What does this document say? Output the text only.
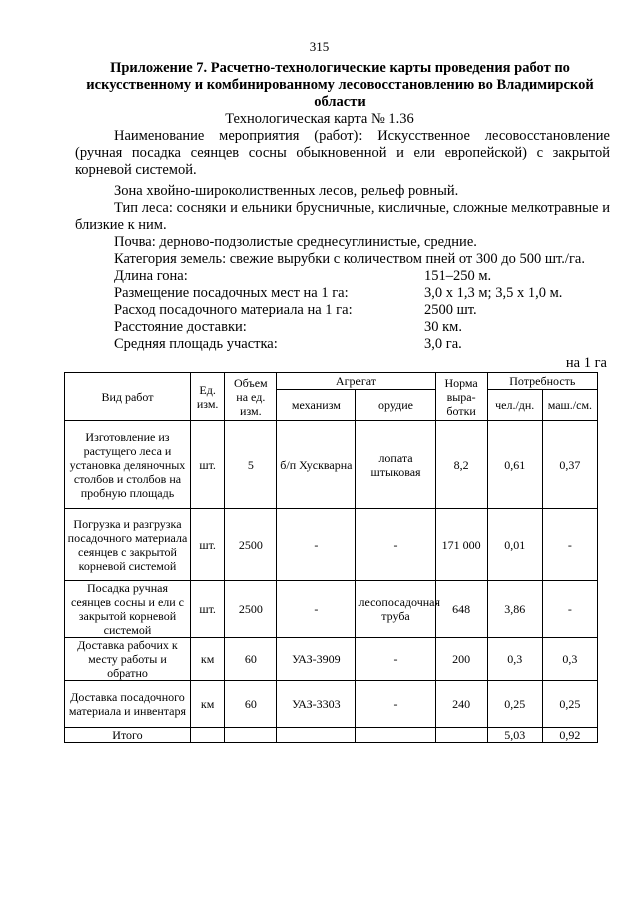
315
Приложение 7. Расчетно-технологические карты проведения работ по искусственному и комбинированному лесовосстановлению во Владимирской области
Технологическая карта № 1.36
Наименование мероприятия (работ): Искусственное лесовосстановление (ручная посадка сеянцев сосны обыкновенной и ели европейской) с закрытой корневой системой.
Зона хвойно-широколиственных лесов, рельеф ровный.
Тип леса: сосняки и ельники брусничные, кисличные, сложные мелкотравные и близкие к ним.
Почва: дерново-подзолистые среднесуглинистые, средние.
Категория земель: свежие вырубки с количеством пней от 300 до 500 шт./га.
Длина гона:	151–250 м.
Размещение посадочных мест на 1 га:	3,0 х 1,3 м; 3,5 х 1,0 м.
Расход посадочного материала на 1 га:	2500 шт.
Расстояние доставки:	30 км.
Средняя площадь участка:	3,0 га.
на 1 га
Вид работ	Ед. изм.	Объем на ед. изм.	Агрегат		Норма выра-ботки	Потребность	
			механизм	орудие		чел./дн.	маш./см.
Изготовление из растущего леса и установка деляночных столбов и столбов на пробную площадь	шт.	5	б/п Хускварна	лопата штыковая	8,2	0,61	0,37
Погрузка и разгрузка посадочного материала сеянцев с закрытой корневой системой	шт.	2500	-	-	171 000	0,01	-
Посадка ручная сеянцев сосны и ели с закрытой корневой системой	шт.	2500	-	лесопосадочная труба	648	3,86	-
Доставка рабочих к месту работы и обратно	км	60	УАЗ-3909	-	200	0,3	0,3
Доставка посадочного материала и инвентаря	км	60	УАЗ-3303	-	240	0,25	0,25
Итого						5,03	0,92
